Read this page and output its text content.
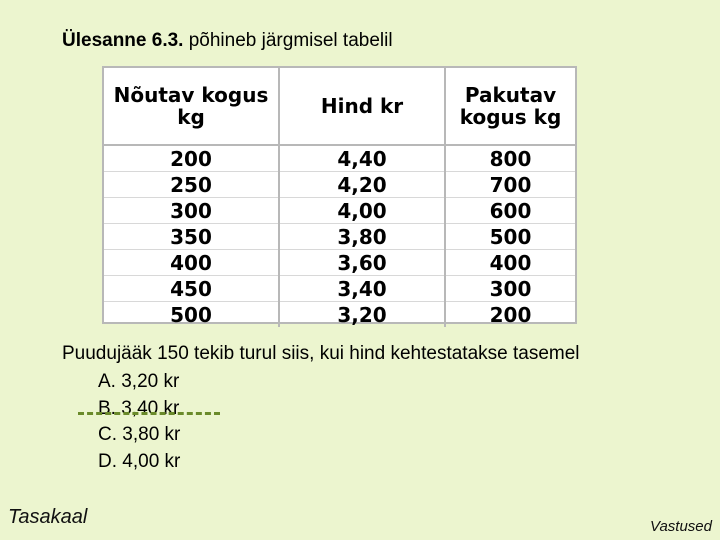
Ülesanne 6.3. põhineb järgmisel tabelil
Nõutav kogus kg	Hind kr	Pakutav kogus kg
200	4,40	800
250	4,20	700
300	4,00	600
350	3,80	500
400	3,60	400
450	3,40	300
500	3,20	200
Puudujääk 150 tekib turul siis, kui hind kehtestatakse tasemel
A. 3,20 kr
B. 3,40 kr
C. 3,80 kr
D. 4,00 kr
Tasakaal	Vastused
